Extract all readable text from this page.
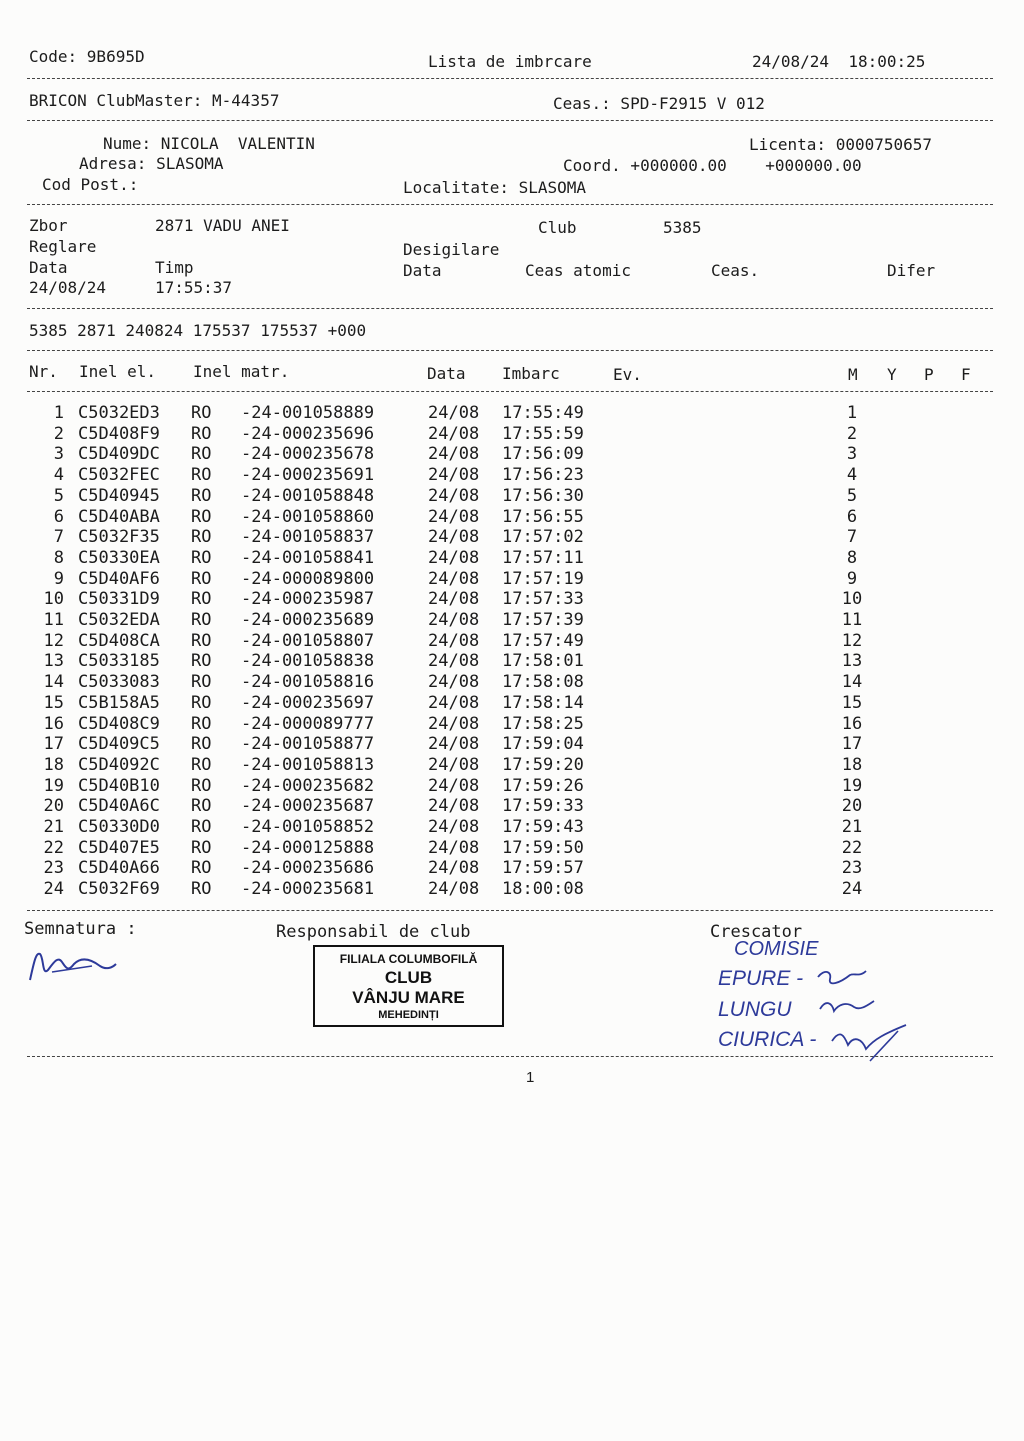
Code: 9B695D	Lista de imbrcare	24/08/24  18:00:25
BRICON ClubMaster: M-44357	Ceas.: SPD-F2915 V 012
Nume: NICOLA  VALENTIN	Licenta: 0000750657
Adresa: SLASOMA	Coord. +000000.00    +000000.00
Cod Post.:	Localitate: SLASOMA
Zbor	2871 VADU ANEI	Club	5385
Reglare	Desigilare
Data	Timp	Data	Ceas atomic	Ceas.	Difer
24/08/24	17:55:37
5385 2871 240824 175537 175537 +000
Nr. Inel el. Inel matr.	Data Imbarc	Ev.	M Y P F
1 C5032ED3 RO -24-001058889	24/08 17:55:49	1
2 C5D408F9 RO -24-000235696	24/08 17:55:59	2
3 C5D409DC RO -24-000235678	24/08 17:56:09	3
4 C5032FEC RO -24-000235691	24/08 17:56:23	4
5 C5D40945 RO -24-001058848	24/08 17:56:30	5
6 C5D40ABA RO -24-001058860	24/08 17:56:55	6
7 C5032F35 RO -24-001058837	24/08 17:57:02	7
8 C50330EA RO -24-001058841	24/08 17:57:11	8
9 C5D40AF6 RO -24-000089800	24/08 17:57:19	9
10 C50331D9 RO -24-000235987	24/08 17:57:33	10
11 C5032EDA RO -24-000235689	24/08 17:57:39	11
12 C5D408CA RO -24-001058807	24/08 17:57:49	12
13 C5033185 RO -24-001058838	24/08 17:58:01	13
14 C5033083 RO -24-001058816	24/08 17:58:08	14
15 C5B158A5 RO -24-000235697	24/08 17:58:14	15
16 C5D408C9 RO -24-000089777	24/08 17:58:25	16
17 C5D409C5 RO -24-001058877	24/08 17:59:04	17
18 C5D4092C RO -24-001058813	24/08 17:59:20	18
19 C5D40B10 RO -24-000235682	24/08 17:59:26	19
20 C5D40A6C RO -24-000235687	24/08 17:59:33	20
21 C50330D0 RO -24-001058852	24/08 17:59:43	21
22 C5D407E5 RO -24-000125888	24/08 17:59:50	22
23 C5D40A66 RO -24-000235686	24/08 17:59:57	23
24 C5032F69 RO -24-000235681	24/08 18:00:08	24
Semnatura :	Responsabil de club	Crescator
FILIALA COLUMBOFILĂ
CLUB
VÂNJU MARE
MEHEDINȚI
COMISIE
EPURE -
LUNGU
CIURICA -
1
